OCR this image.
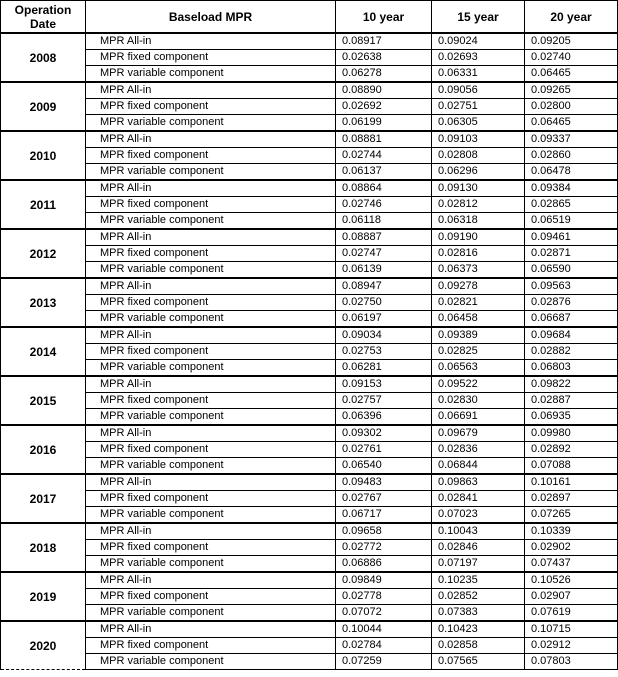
Operation Date	Baseload MPR	10 year	15 year	20 year
2008	MPR All-in	0.08917	0.09024	0.09205
	MPR fixed component	0.02638	0.02693	0.02740
	MPR variable component	0.06278	0.06331	0.06465
2009	MPR All-in	0.08890	0.09056	0.09265
	MPR fixed component	0.02692	0.02751	0.02800
	MPR variable component	0.06199	0.06305	0.06465
2010	MPR All-in	0.08881	0.09103	0.09337
	MPR fixed component	0.02744	0.02808	0.02860
	MPR variable component	0.06137	0.06296	0.06478
2011	MPR All-in	0.08864	0.09130	0.09384
	MPR fixed component	0.02746	0.02812	0.02865
	MPR variable component	0.06118	0.06318	0.06519
2012	MPR All-in	0.08887	0.09190	0.09461
	MPR fixed component	0.02747	0.02816	0.02871
	MPR variable component	0.06139	0.06373	0.06590
2013	MPR All-in	0.08947	0.09278	0.09563
	MPR fixed component	0.02750	0.02821	0.02876
	MPR variable component	0.06197	0.06458	0.06687
2014	MPR All-in	0.09034	0.09389	0.09684
	MPR fixed component	0.02753	0.02825	0.02882
	MPR variable component	0.06281	0.06563	0.06803
2015	MPR All-in	0.09153	0.09522	0.09822
	MPR fixed component	0.02757	0.02830	0.02887
	MPR variable component	0.06396	0.06691	0.06935
2016	MPR All-in	0.09302	0.09679	0.09980
	MPR fixed component	0.02761	0.02836	0.02892
	MPR variable component	0.06540	0.06844	0.07088
2017	MPR All-in	0.09483	0.09863	0.10161
	MPR fixed component	0.02767	0.02841	0.02897
	MPR variable component	0.06717	0.07023	0.07265
2018	MPR All-in	0.09658	0.10043	0.10339
	MPR fixed component	0.02772	0.02846	0.02902
	MPR variable component	0.06886	0.07197	0.07437
2019	MPR All-in	0.09849	0.10235	0.10526
	MPR fixed component	0.02778	0.02852	0.02907
	MPR variable component	0.07072	0.07383	0.07619
2020	MPR All-in	0.10044	0.10423	0.10715
	MPR fixed component	0.02784	0.02858	0.02912
	MPR variable component	0.07259	0.07565	0.07803
